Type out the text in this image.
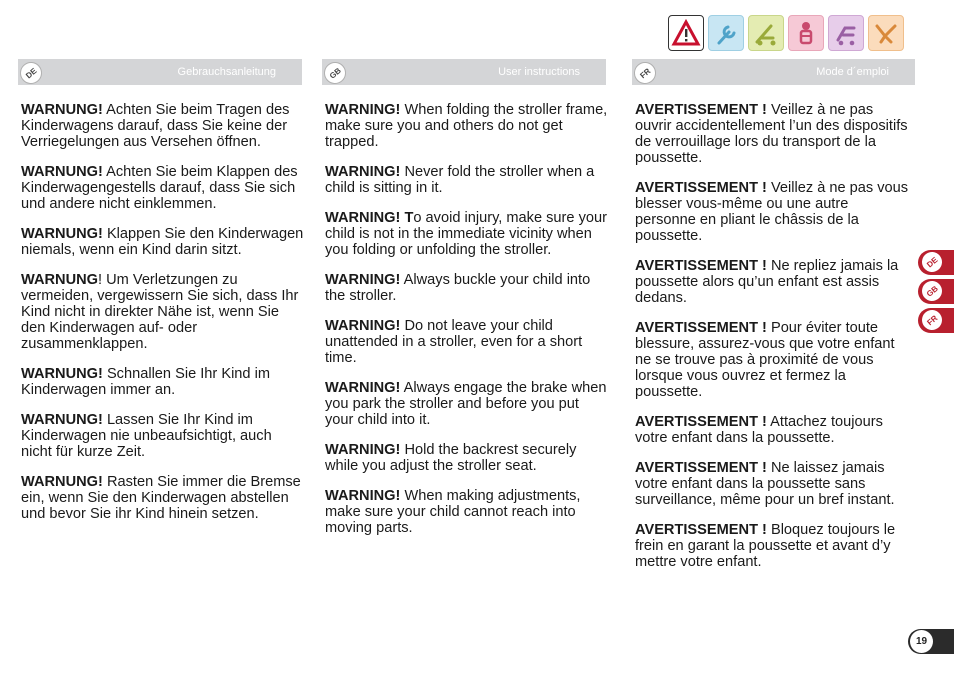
DE	Gebrauchsanleitung	GB	User instructions	FR	Mode d´emploi

WARNUNG! Achten Sie beim Tragen des Kinderwagens darauf, dass Sie keine der Verriegelungen aus Versehen öffnen.

WARNUNG! Achten Sie beim Klappen des Kinderwagengestells darauf, dass Sie sich und andere nicht einklemmen.

WARNUNG! Klappen Sie den Kinderwagen niemals, wenn ein Kind darin sitzt.

WARNUNG! Um Verletzungen zu vermeiden, vergewissern Sie sich, dass Ihr Kind nicht in direkter Nähe ist, wenn Sie den Kinderwagen auf- oder zusammenklappen.

WARNUNG! Schnallen Sie Ihr Kind im Kinderwagen immer an.

WARNUNG! Lassen Sie Ihr Kind im Kinderwagen nie unbeaufsichtigt, auch nicht für kurze Zeit.

WARNUNG! Rasten Sie immer die Bremse ein, wenn Sie den Kinderwagen abstellen und bevor Sie ihr Kind hinein setzen.

WARNING! When folding the stroller frame, make sure you and others do not get trapped.

WARNING! Never fold the stroller when a child is sitting in it.

WARNING! To avoid injury, make sure your child is not in the immediate vicinity when you folding or unfolding the stroller.

WARNING! Always buckle your child into the stroller.

WARNING! Do not leave your child unattended in a stroller, even for a short time.

WARNING! Always engage the brake when you park the stroller and before you put your child into it.

WARNING! Hold the backrest securely while you adjust the stroller seat.

WARNING! When making adjustments, make sure your child cannot reach into moving parts.

AVERTISSEMENT ! Veillez à ne pas ouvrir accidentellement l’un des dispositifs de verrouillage lors du transport de la poussette.

AVERTISSEMENT ! Veillez à ne pas vous blesser vous-même ou une autre personne en pliant le châssis de la poussette.

AVERTISSEMENT ! Ne repliez jamais la poussette alors qu’un enfant est assis dedans.

AVERTISSEMENT ! Pour éviter toute blessure, assurez-vous que votre enfant ne se trouve pas à proximité de vous lorsque vous ouvrez et fermez la poussette.

AVERTISSEMENT ! Attachez toujours votre enfant dans la poussette.

AVERTISSEMENT ! Ne laissez jamais votre enfant dans la poussette sans surveillance, même pour un bref instant.

AVERTISSEMENT ! Bloquez toujours le frein en garant la poussette et avant d’y mettre votre enfant.

DE
GB
FR
19
